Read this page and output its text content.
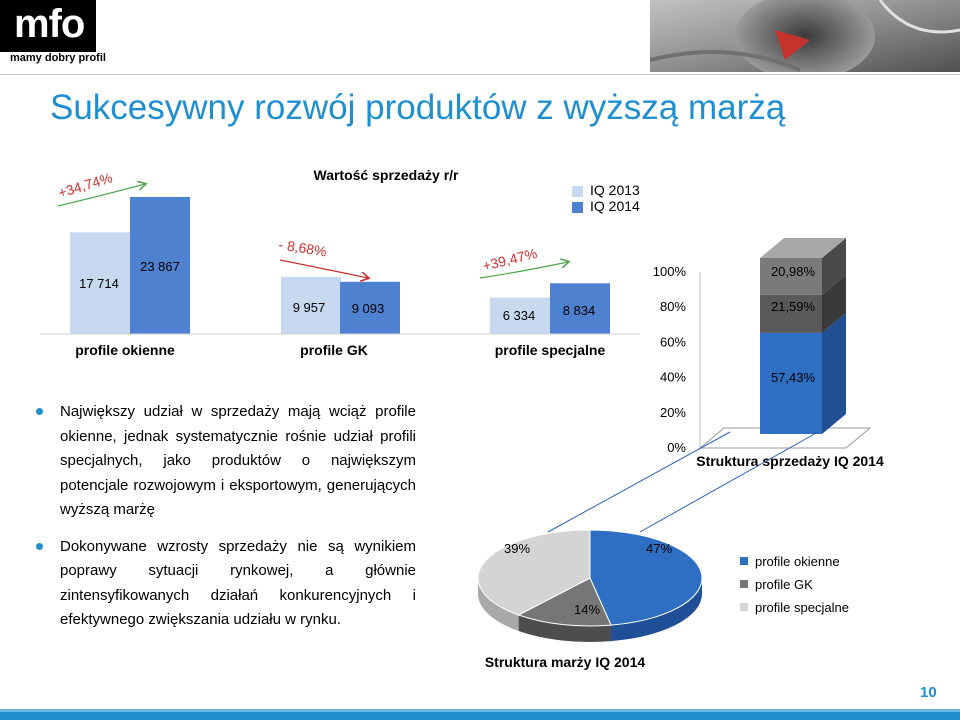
mfo
mamy dobry profil
Sukcesywny rozwój produktów z wyższą marżą
Wartość sprzedaży r/r
IQ 2013
IQ 2014
17 714
23 867
9 957 9 093	6 334 8 834
profile okienne	profile GK	profile specjalne
+34,74%
- 8,68%	+39,47%
0%
20%
40%
60%
80%
100%
57,43%
21,59%
20,98%
Struktura sprzedaży IQ 2014
39%	47%
14%
Struktura marży IQ 2014
profile okienne
profile GK
profile specjalne
Największy udział w sprzedaży mają wciąż profile okienne, jednak systematycznie rośnie udział profili specjalnych, jako produktów o największym potencjale rozwojowym i eksportowym, generujących wyższą marżę
Dokonywane wzrosty sprzedaży nie są wynikiem poprawy sytuacji rynkowej, a głównie zintensyfikowanych działań konkurencyjnych i efektywnego zwiększania udziału w rynku.
10
